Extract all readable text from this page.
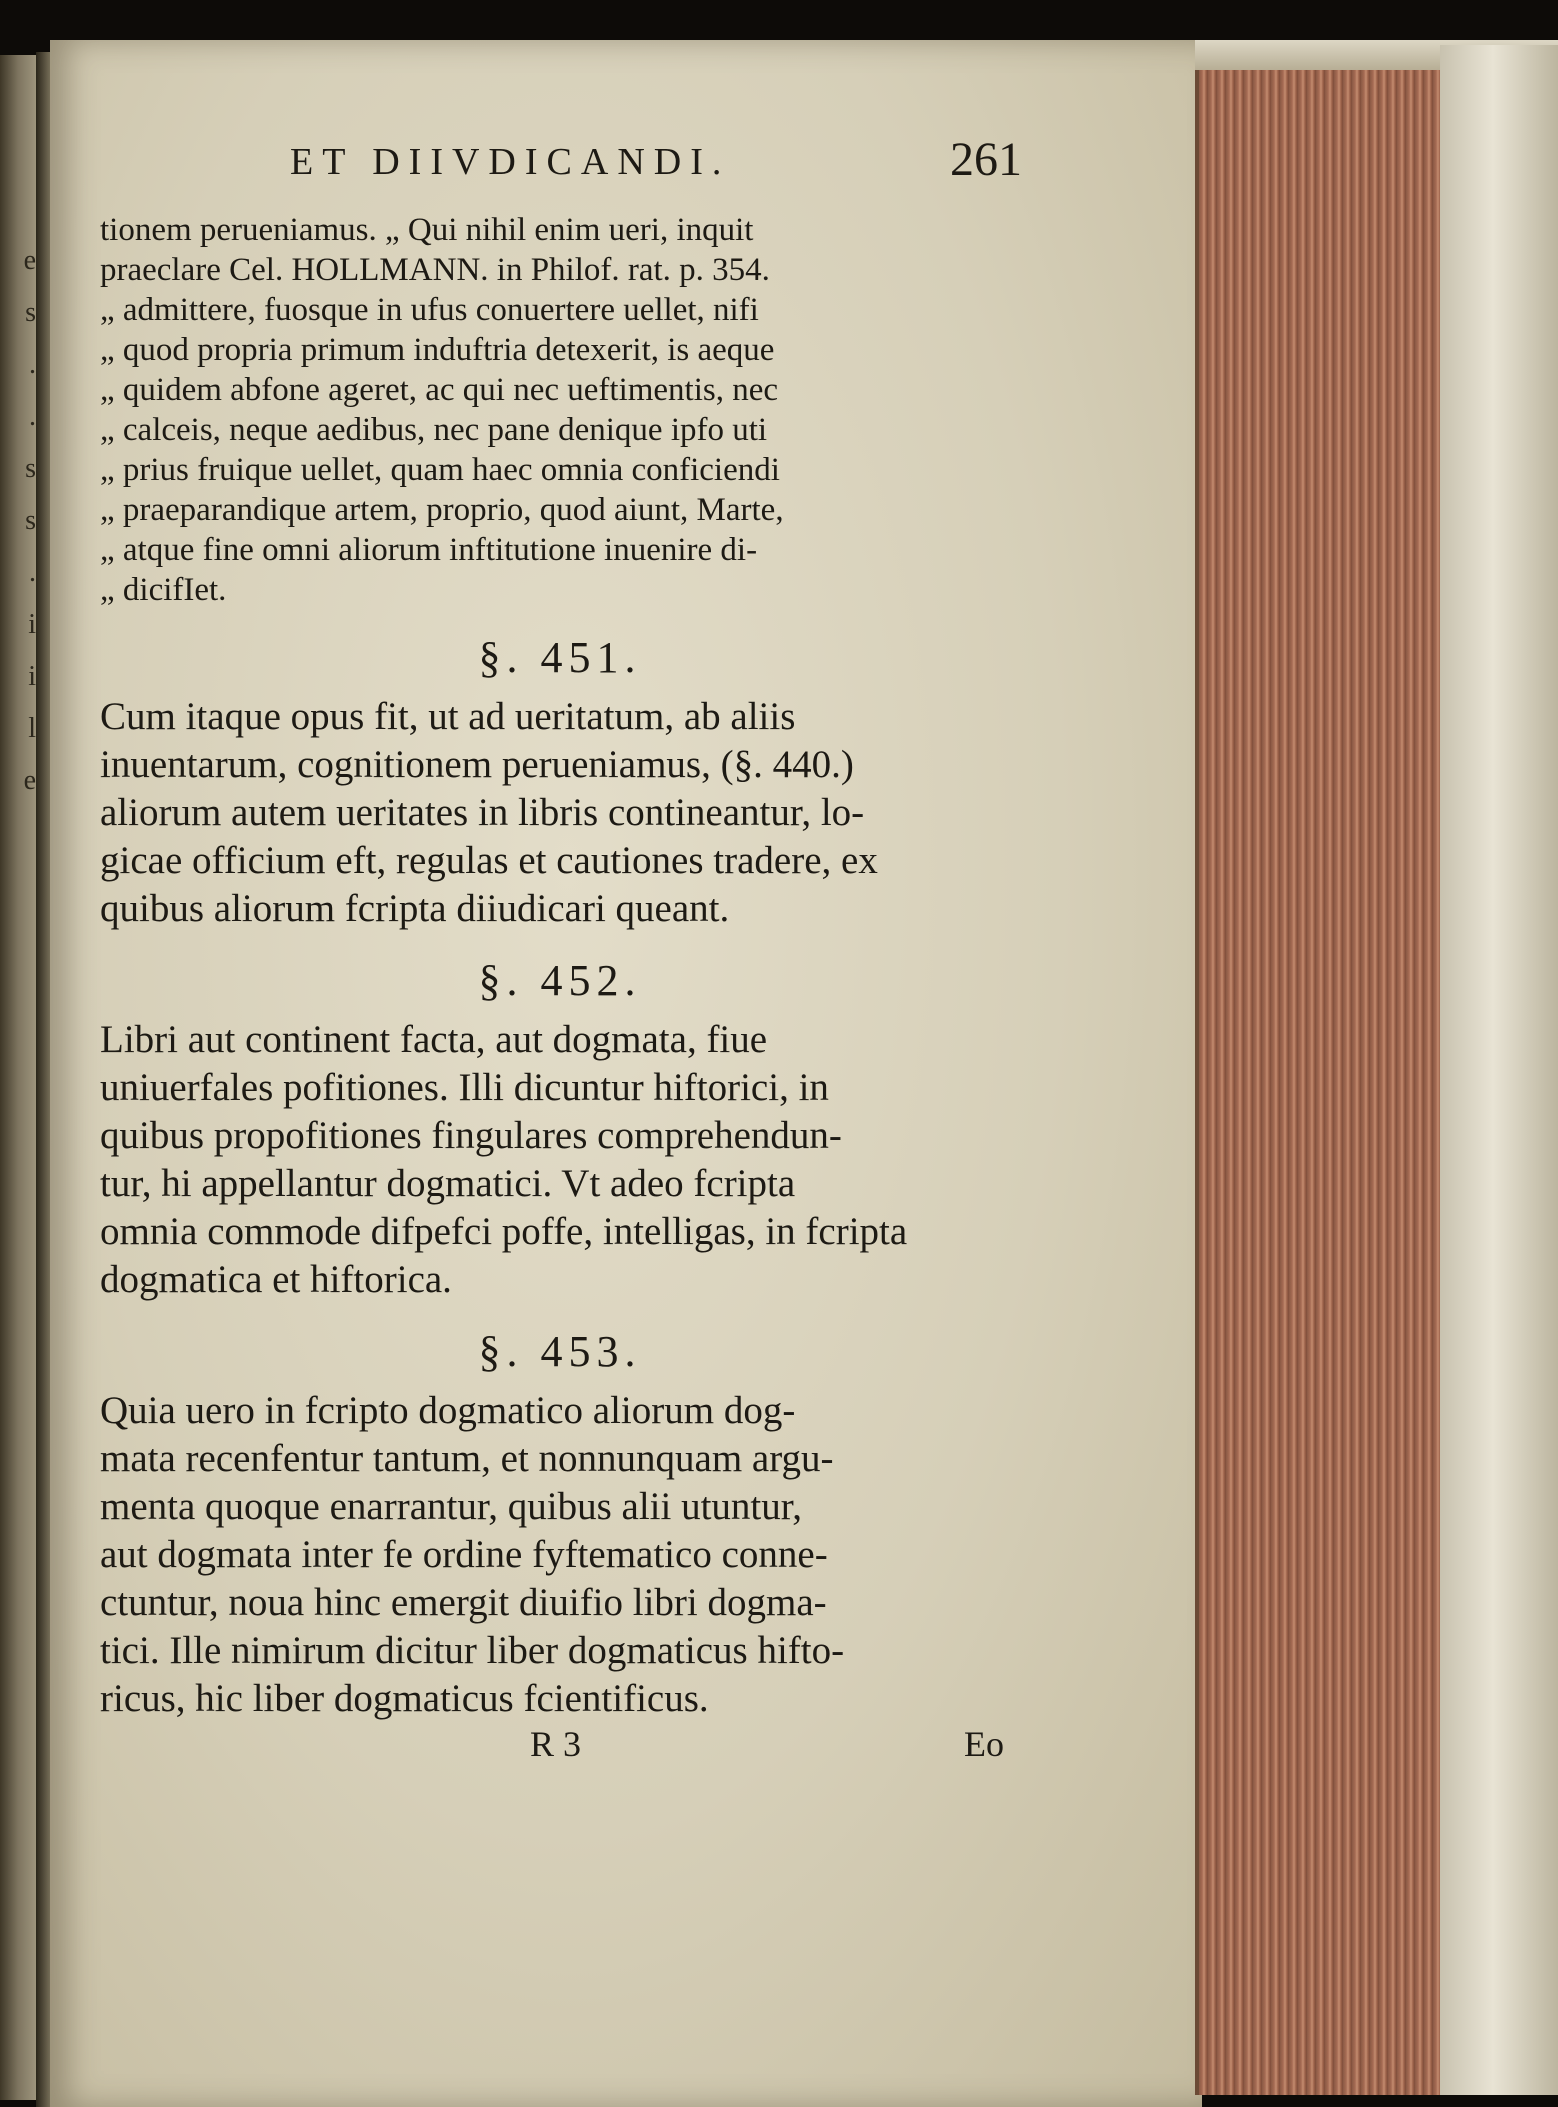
e
s
.
.
s
s
.
i
i
l
e
ET DIIVDICANDI.	261
tionem perueniamus. „ Qui nihil enim ueri, inquit
praeclare Cel. HOLLMANN. in Philof. rat. p. 354.
„ admittere, fuosque in ufus conuertere uellet, nifi
„ quod propria primum induftria detexerit, is aeque
„ quidem abfone ageret, ac qui nec ueftimentis, nec
„ calceis, neque aedibus, nec pane denique ipfo uti
„ prius fruique uellet, quam haec omnia conficiendi
„ praeparandique artem, proprio, quod aiunt, Marte,
„ atque fine omni aliorum inftitutione inuenire di-
„ dicifIet.
§. 451.
Cum itaque opus fit, ut ad ueritatum, ab aliis
inuentarum, cognitionem perueniamus, (§. 440.)
aliorum autem ueritates in libris contineantur, lo-
gicae officium eft, regulas et cautiones tradere, ex
quibus aliorum fcripta diiudicari queant.
§. 452.
Libri aut continent facta, aut dogmata, fiue
uniuerfales pofitiones. Illi dicuntur hiftorici, in
quibus propofitiones fingulares comprehendun-
tur, hi appellantur dogmatici. Vt adeo fcripta
omnia commode difpefci poffe, intelligas, in fcripta
dogmatica et hiftorica.
§. 453.
Quia uero in fcripto dogmatico aliorum dog-
mata recenfentur tantum, et nonnunquam argu-
menta quoque enarrantur, quibus alii utuntur,
aut dogmata inter fe ordine fyftematico conne-
ctuntur, noua hinc emergit diuifio libri dogma-
tici. Ille nimirum dicitur liber dogmaticus hifto-
ricus, hic liber dogmaticus fcientificus.
R 3	Eo
